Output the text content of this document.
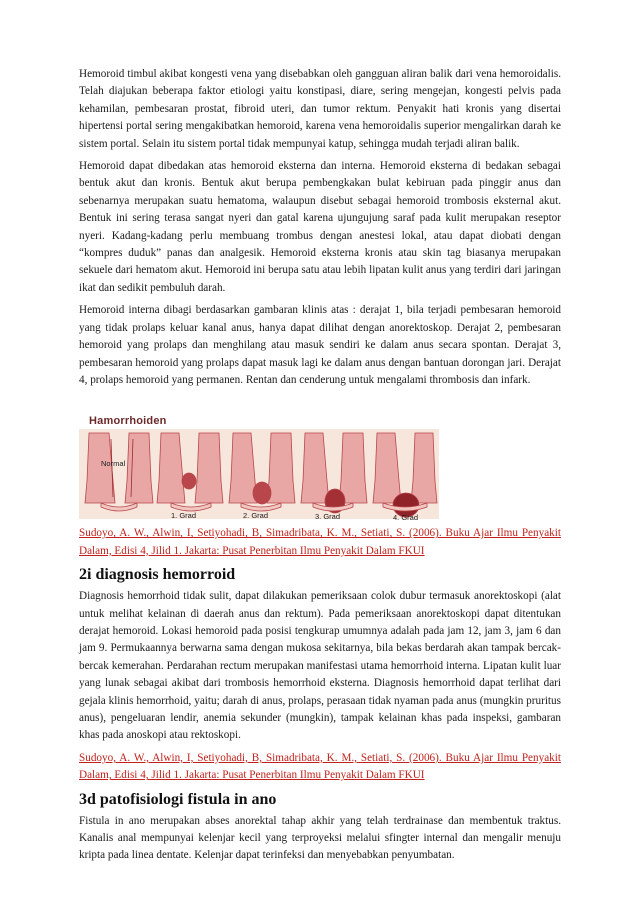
Hemoroid timbul akibat kongesti vena yang disebabkan oleh gangguan aliran balik dari vena hemoroidalis. Telah diajukan beberapa faktor etiologi yaitu konstipasi, diare, sering mengejan, kongesti pelvis pada kehamilan, pembesaran prostat, fibroid uteri, dan tumor rektum. Penyakit hati kronis yang disertai hipertensi portal sering mengakibatkan hemoroid, karena vena hemoroidalis superior mengalirkan darah ke sistem portal. Selain itu sistem portal tidak mempunyai katup, sehingga mudah terjadi aliran balik.

Hemoroid dapat dibedakan atas hemoroid eksterna dan interna. Hemoroid eksterna di bedakan sebagai bentuk akut dan kronis. Bentuk akut berupa pembengkakan bulat kebiruan pada pinggir anus dan sebenarnya merupakan suatu hematoma, walaupun disebut sebagai hemoroid trombosis eksternal akut. Bentuk ini sering terasa sangat nyeri dan gatal karena ujungujung saraf pada kulit merupakan reseptor nyeri. Kadang-kadang perlu membuang trombus dengan anestesi lokal, atau dapat diobati dengan “kompres duduk” panas dan analgesik. Hemoroid eksterna kronis atau skin tag biasanya merupakan sekuele dari hematom akut. Hemoroid ini berupa satu atau lebih lipatan kulit anus yang terdiri dari jaringan ikat dan sedikit pembuluh darah.

Hemoroid interna dibagi berdasarkan gambaran klinis atas : derajat 1, bila terjadi pembesaran hemoroid yang tidak prolaps keluar kanal anus, hanya dapat dilihat dengan anorektoskop. Derajat 2, pembesaran hemoroid yang prolaps dan menghilang atau masuk sendiri ke dalam anus secara spontan. Derajat 3, pembesaran hemoroid yang prolaps dapat masuk lagi ke dalam anus dengan bantuan dorongan jari. Derajat 4, prolaps hemoroid yang permanen. Rentan dan cenderung untuk mengalami thrombosis dan infark.

Hamorrhoiden
Normal
1. Grad	2. Grad	3. Grad	4. Grad

Sudoyo, A. W., Alwin, I, Setiyohadi, B, Simadribata, K. M., Setiati, S. (2006). Buku Ajar Ilmu Penyakit Dalam, Edisi 4, Jilid 1. Jakarta: Pusat Penerbitan Ilmu Penyakit Dalam FKUI

2i diagnosis hemorroid

Diagnosis hemorrhoid tidak sulit, dapat dilakukan pemeriksaan colok dubur termasuk anorektoskopi (alat untuk melihat kelainan di daerah anus dan rektum). Pada pemeriksaan anorektoskopi dapat ditentukan derajat hemoroid. Lokasi hemoroid pada posisi tengkurap umumnya adalah pada jam 12, jam 3, jam 6 dan jam 9. Permukaannya berwarna sama dengan mukosa sekitarnya, bila bekas berdarah akan tampak bercak-bercak kemerahan. Perdarahan rectum merupakan manifestasi utama hemorrhoid interna. Lipatan kulit luar yang lunak sebagai akibat dari trombosis hemorrhoid eksterna. Diagnosis hemorrhoid dapat terlihat dari gejala klinis hemorrhoid, yaitu; darah di anus, prolaps, perasaan tidak nyaman pada anus (mungkin pruritus anus), pengeluaran lendir, anemia sekunder (mungkin), tampak kelainan khas pada inspeksi, gambaran khas pada anoskopi atau rektoskopi.

Sudoyo, A. W., Alwin, I, Setiyohadi, B, Simadribata, K. M., Setiati, S. (2006). Buku Ajar Ilmu Penyakit Dalam, Edisi 4, Jilid 1. Jakarta: Pusat Penerbitan Ilmu Penyakit Dalam FKUI

3d patofisiologi fistula in ano

Fistula in ano merupakan abses anorektal tahap akhir yang telah terdrainase dan membentuk traktus. Kanalis anal mempunyai kelenjar kecil yang terproyeksi melalui sfingter internal dan mengalir menuju kripta pada linea dentate. Kelenjar dapat terinfeksi dan menyebabkan penyumbatan.
